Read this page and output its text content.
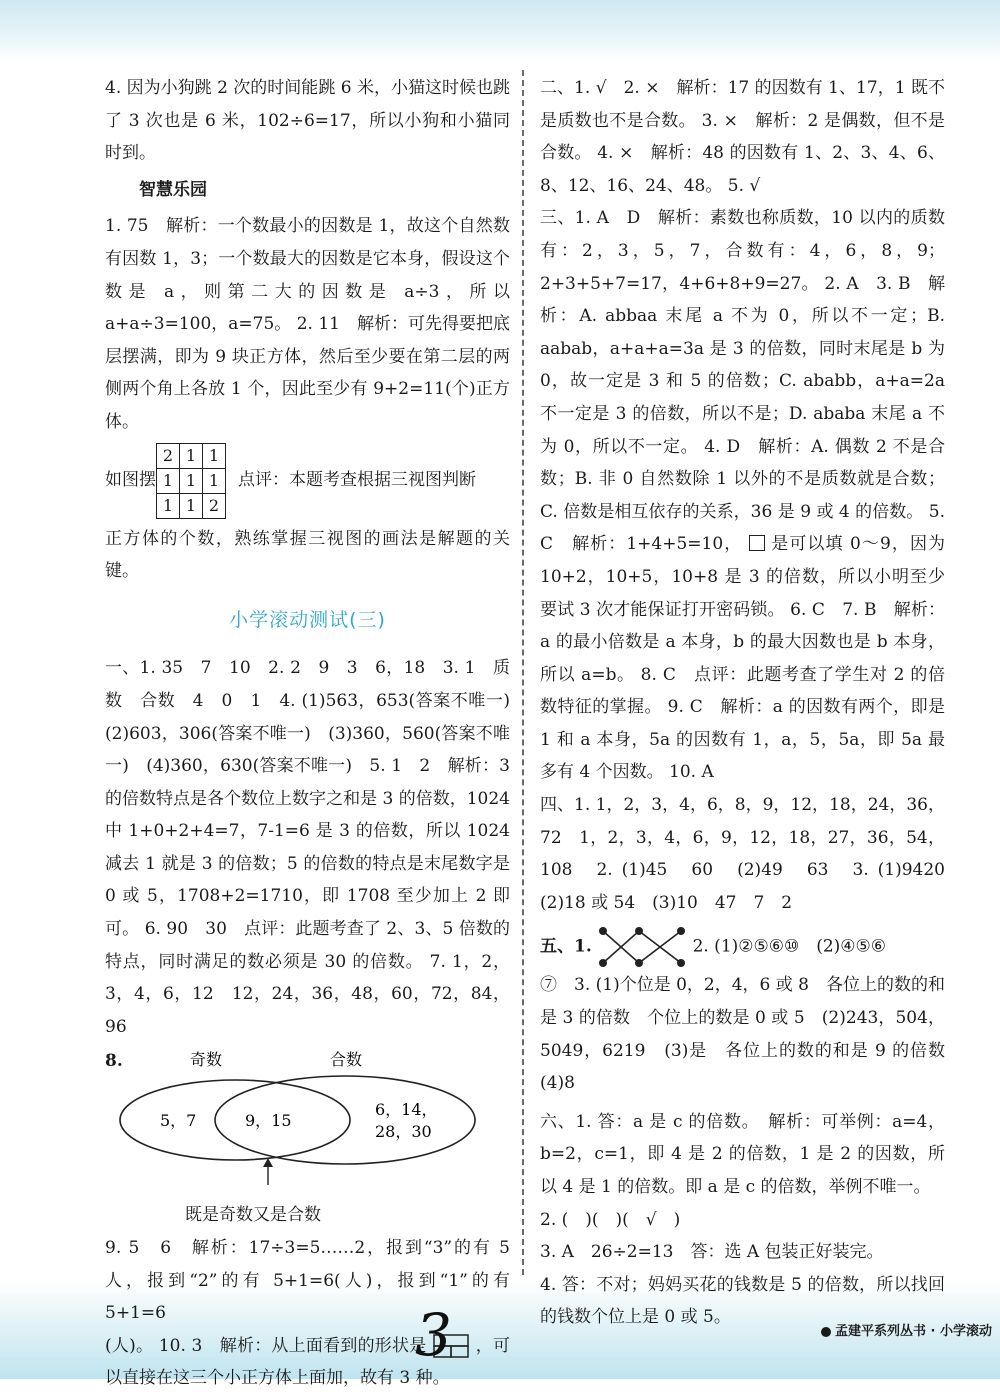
4. 因为小狗跳 2 次的时间能跳 6 米，小猫这时候也跳了 3 次也是 6 米，102÷6=17，所以小狗和小猫同时到。

智慧乐园

1. 75　解析：一个数最小的因数是 1，故这个自然数有因数 1，3；一个数最大的因数是它本身，假设这个数是 a，则第二大的因数是 a÷3，所以 a+a÷3=100，a=75。 2. 11　解析：可先得要把底层摆满，即为 9 块正方体，然后至少要在第二层的两侧两个角上各放 1 个，因此至少有 9+2=11(个)正方体。

如图摆
2	1	1
1	1	1
1	1	2
点评：本题考查根据三视图判断

正方体的个数，熟练掌握三视图的画法是解题的关键。

小学滚动测试(三)

一、1. 35　7　10　2. 2　9　3　6，18　3. 1　质数　合数　4　0　1　4. (1)563，653(答案不唯一)　(2)603，306(答案不唯一)　(3)360，560(答案不唯一)　(4)360，630(答案不唯一)　5. 1　2　解析：3 的倍数特点是各个数位上数字之和是 3 的倍数，1024 中 1+0+2+4=7，7-1=6 是 3 的倍数，所以 1024 减去 1 就是 3 的倍数；5 的倍数的特点是末尾数字是 0 或 5，1708+2=1710，即 1708 至少加上 2 即可。 6. 90　30　点评：此题考查了 2、3、5 倍数的特点，同时满足的数必须是 30 的倍数。 7. 1，2，3，4，6，12　12，24，36，48，60，72，84，96

8.	奇数	合数
5，7	9，15
6，14，
28，30
既是奇数又是合数

9. 5　6　解析：17÷3=5……2，报到“3”的有 5 人，报到“2”的有 5+1=6(人)，报到“1”的有 5+1=6

(人)。 10. 3　解析：从上面看到的形状是	，可以直接在这三个小正方体上面加，故有 3 种。

二、1. √　2. ×　解析：17 的因数有 1、17，1 既不是质数也不是合数。 3. ×　解析：2 是偶数，但不是合数。 4. ×　解析：48 的因数有 1、2、3、4、6、8、12、16、24、48。 5. √

三、1. A　D　解析：素数也称质数，10 以内的质数有：2，3，5，7，合数有：4，6，8，9；2+3+5+7=17，4+6+8+9=27。 2. A　3. B　解析：A. abbaa 末尾 a 不为 0，所以不一定；B. aabab，a+a+a=3a 是 3 的倍数，同时末尾是 b 为 0，故一定是 3 和 5 的倍数；C. ababb，a+a=2a 不一定是 3 的倍数，所以不是；D. ababa 末尾 a 不为 0，所以不一定。 4. D　解析：A. 偶数 2 不是合数；B. 非 0 自然数除 1 以外的不是质数就是合数；C. 倍数是相互依存的关系，36 是 9 或 4 的倍数。 5. C　解析：1+4+5=10， 是可以填 0～9，因为 10+2，10+5，10+8 是 3 的倍数，所以小明至少要试 3 次才能保证打开密码锁。 6. C　7. B　解析：a 的最小倍数是 a 本身，b 的最大因数也是 b 本身，所以 a=b。 8. C　点评：此题考查了学生对 2 的倍数特征的掌握。 9. C　解析：a 的因数有两个，即是 1 和 a 本身，5a 的因数有 1，a，5，5a，即 5a 最多有 4 个因数。 10. A

四、1. 1，2，3，4，6，8，9，12，18，24，36，72　1，2，3，4，6，9，12，18，27，36，54，108　2. (1)45　60　(2)49　63　3. (1)9420　(2)18 或 54　(3)10　47　7　2

五、1.	2. (1)②⑤⑥⑩　(2)④⑤⑥

⑦　3. (1)个位是 0，2，4，6 或 8　各位上的数的和是 3 的倍数　个位上的数是 0 或 5　(2)243，504，5049，6219　(3)是　各位上的数的和是 9 的倍数　(4)8

六、1. 答：a 是 c 的倍数。　解析：可举例：a=4，b=2，c=1，即 4 是 2 的倍数，1 是 2 的因数，所以 4 是 1 的倍数。即 a 是 c 的倍数，举例不唯一。

2. (　)(　)(　√　)

3. A　26÷2=13　答：选 A 包装正好装完。

4. 答：不对；妈妈买花的钱数是 5 的倍数，所以找回的钱数个位上是 0 或 5。

孟建平系列丛书 · 小学滚动
3
